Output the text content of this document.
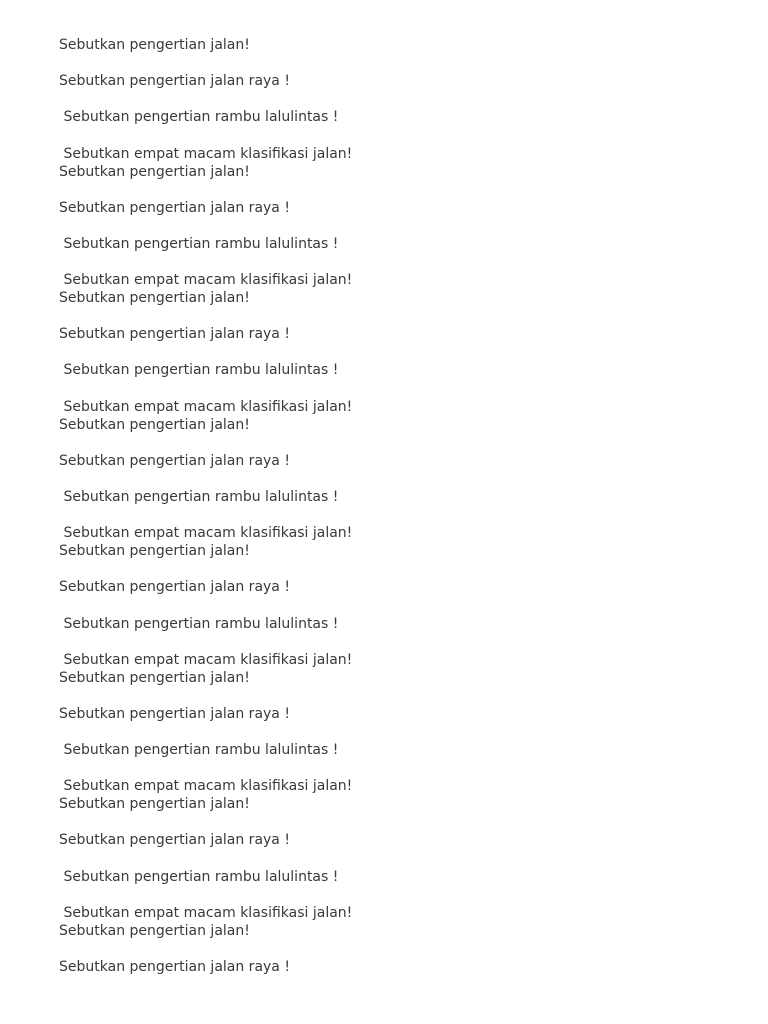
Sebutkan pengertian jalan!

Sebutkan pengertian jalan raya !

Sebutkan pengertian rambu lalulintas !

Sebutkan empat macam klasifikasi jalan!

Sebutkan pengertian jalan!

Sebutkan pengertian jalan raya !

Sebutkan pengertian rambu lalulintas !

Sebutkan empat macam klasifikasi jalan!

Sebutkan pengertian jalan!

Sebutkan pengertian jalan raya !

Sebutkan pengertian rambu lalulintas !

Sebutkan empat macam klasifikasi jalan!

Sebutkan pengertian jalan!

Sebutkan pengertian jalan raya !

Sebutkan pengertian rambu lalulintas !

Sebutkan empat macam klasifikasi jalan!

Sebutkan pengertian jalan!

Sebutkan pengertian jalan raya !

Sebutkan pengertian rambu lalulintas !

Sebutkan empat macam klasifikasi jalan!

Sebutkan pengertian jalan!

Sebutkan pengertian jalan raya !

Sebutkan pengertian rambu lalulintas !

Sebutkan empat macam klasifikasi jalan!

Sebutkan pengertian jalan!

Sebutkan pengertian jalan raya !

Sebutkan pengertian rambu lalulintas !

Sebutkan empat macam klasifikasi jalan!

Sebutkan pengertian jalan!

Sebutkan pengertian jalan raya !
